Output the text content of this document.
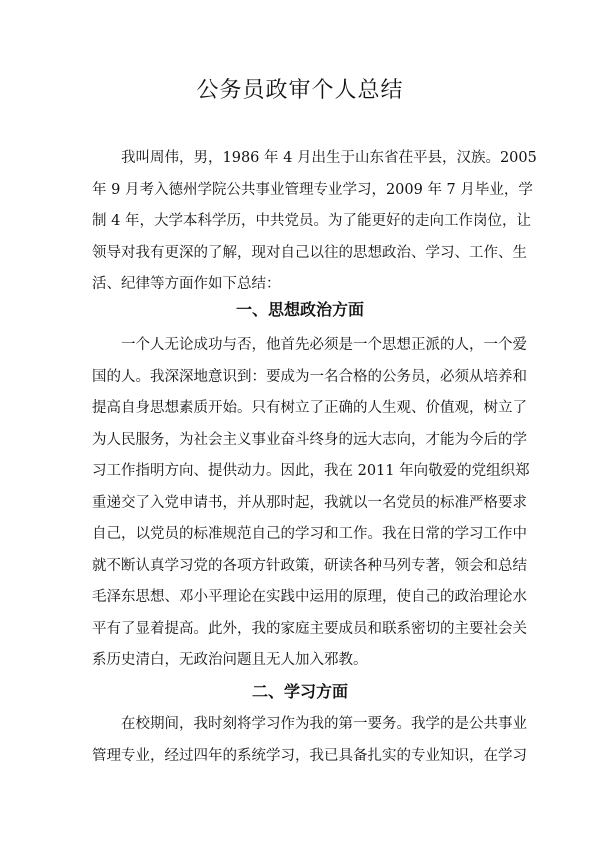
公务员政审个人总结
我叫周伟，男，1986 年 4 月出生于山东省茌平县，汉族。2005
年 9 月考入德州学院公共事业管理专业学习，2009 年 7 月毕业，学
制 4 年，大学本科学历，中共党员。为了能更好的走向工作岗位，让
领导对我有更深的了解，现对自己以往的思想政治、学习、工作、生
活、纪律等方面作如下总结：
一、思想政治方面
一个人无论成功与否，他首先必须是一个思想正派的人，一个爱
国的人。我深深地意识到：要成为一名合格的公务员，必须从培养和
提高自身思想素质开始。只有树立了正确的人生观、价值观，树立了
为人民服务，为社会主义事业奋斗终身的远大志向，才能为今后的学
习工作指明方向、提供动力。因此，我在 2011 年向敬爱的党组织郑
重递交了入党申请书，并从那时起，我就以一名党员的标准严格要求
自己，以党员的标准规范自己的学习和工作。我在日常的学习工作中
就不断认真学习党的各项方针政策，研读各种马列专著，领会和总结
毛泽东思想、邓小平理论在实践中运用的原理，使自己的政治理论水
平有了显着提高。此外，我的家庭主要成员和联系密切的主要社会关
系历史清白，无政治问题且无人加入邪教。
二、学习方面
在校期间，我时刻将学习作为我的第一要务。我学的是公共事业
管理专业，经过四年的系统学习，我已具备扎实的专业知识，在学习
